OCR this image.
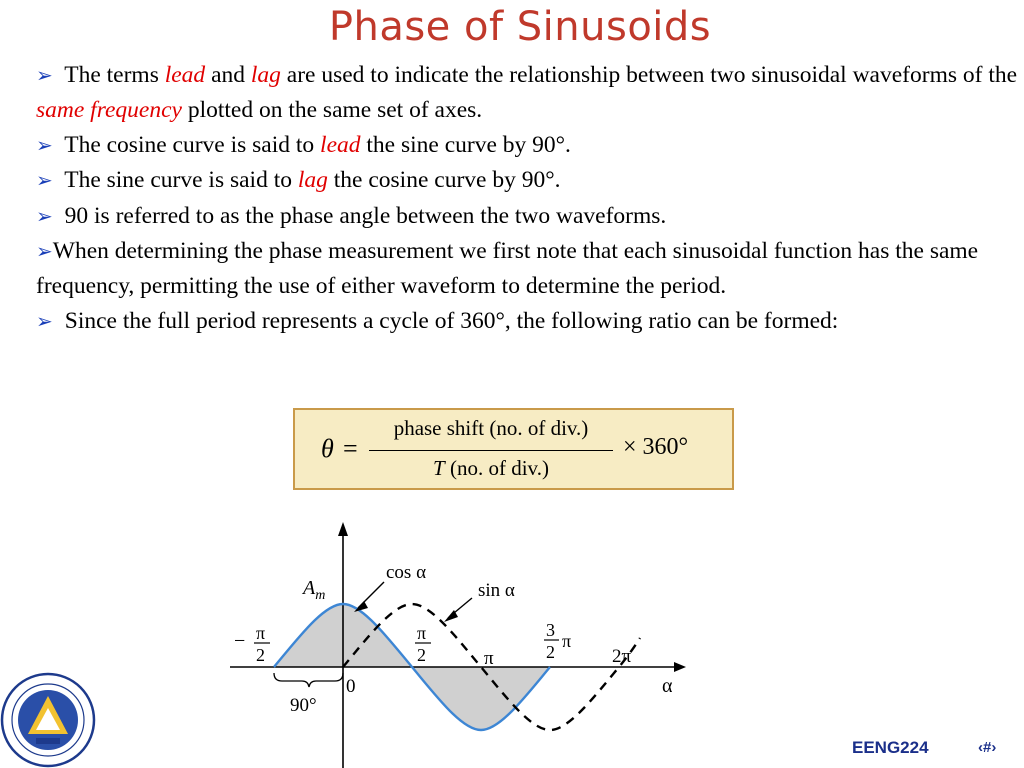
Phase of Sinusoids

➢ The terms lead and lag are used to indicate the relationship between two sinusoidal waveforms of the same frequency plotted on the same set of axes.

➢ The cosine curve is said to lead the sine curve by 90°.

➢ The sine curve is said to lag the cosine curve by 90°.

➢ 90 is referred to as the phase angle between the two waveforms.

➢When determining the phase measurement we first note that each sinusoidal function has the same frequency, permitting the use of either waveform to determine the period.

➢ Since the full period represents a cycle of 360°, the following ratio can be formed:

θ =
phase shift (no. of div.)
T (no. of div.)
× 360°
cos α
sin α
$A_m$
− π
2
π
2	π
3
2
π
2π
0	α
90°
EENG224	‹#›
